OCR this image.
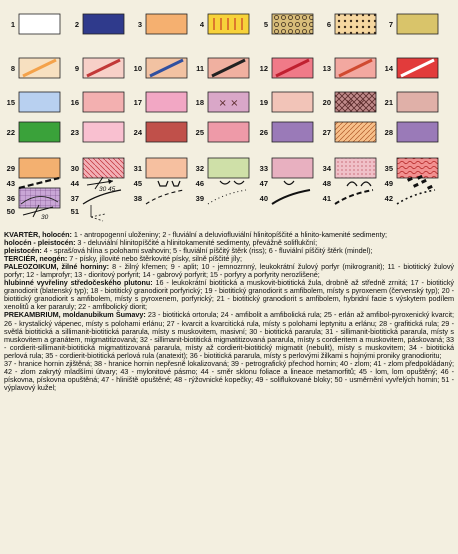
1	2	3	4	5	6	7
8	9	10	11	12	13	14
15	16	17	× ×
18	19	× ×
20	21
22	23	24	25	26	27	28
29	30	31	32	33	34	35
36	37	38	39	40	41	42
43	44
30 45
45	46	47	48	49
50
30
51

KVARTÉR, holocén: 1 - antropogenní uloženiny; 2 - fluviální a deluviofluviální hlinitopíščité a hlinito-kamenité sedimenty;

holocén - pleistocén: 3 - deluviální hlinitopíščité a hlinitokamenité sedimenty, převážně soliflukční;

pleistocén: 4 - spraš/ová hlína s polohami svahovin; 5 - fluviální píščitý štěrk (riss); 6 - fluviální píščitý štěrk (mindel);

TERCIÉR, neogén: 7 - písky, jílovité nebo štěrkovité písky, silně píščité jíly;

PALEOZOIKUM, žilné horniny: 8 - žilný křemen; 9 - aplit; 10 - jemnozrnný, leukokrátní žulový porfyr (mikrogranit); 11 - biotitický žulový porfyr; 12 - lamprofyr; 13 - dioritový porfyrit; 14 - gabrový porfyrit; 15 - porfyry a porfyrity nerozlišené;

hlubinné vyvřeliny středočeského plutonu: 16 - leukokrátní biotitická a muskovit-biotitická žula, drobně až středně zrnitá; 17 - biotitický granodiorit (blatenský typ); 18 - biotitický granodiorit porfyrický; 19 - biotitický granodiorit s amfibolem, místy s pyroxenem (červenský typ); 20 - biotitický granodiorit s amfibolem, místy s pyroxenem, porfyrický; 21 - biotitický granodiorit s amfibolem, hybridní facie s výskytem podílem xenolitů a ker pararuly; 22 - amfibolický diorit;

PREKAMBRIUM, moldanubikum Šumavy: 23 - biotitická ortorula; 24 - amfibolit a amfibolická rula; 25 - erlán až amfibol-pyroxenický kvarcit; 26 - krystalický vápenec, místy s polohami erlánu; 27 - kvarcit a kvarcitická rula, místy s polohami leptynitu a erlánu; 28 - grafitická rula; 29 - světlá biotitická a sillimanit-biotitická pararula, místy s muskovitem, masivní; 30 - biotitická pararula; 31 - sillimanit-biotitická pararula, místy s muskovitem a granátem, migmatitizovaná; 32 - sillimanit-biotitická migmatitizovaná pararula, místy s cordieritem a muskovitem, páskovaná; 33 - cordierit-sillimanit-biotitická migmatitizovaná pararula, místy až cordierit-biotitický migmatit (nebulit), místy s muskovitem; 34 - biotitická perlová rula; 35 - cordierit-biotitická perlová rula (anatexit); 36 - biotitická pararula, místy s perlovými žilkami s hojnými proniky granodioritu;

37 - hranice hornin zjištěná; 38 - hranice hornin nepřesně lokalizovaná; 39 - petrografický přechod hornin; 40 - zlom; 41 - zlom předpokládaný; 42 - zlom zakrytý mladšími útvary; 43 - mylonitové pásmo; 44 - směr sklonu foliace a lineace metamorfitů; 45 - lom, lom opuštěný; 46 - pískovna, pískovna opuštěná; 47 - hliniště opuštěné; 48 - rýžovnické kopečky; 49 - soliflukované bloky; 50 - usměrnění vyvřelých hornin; 51 - výplavový kužel;
